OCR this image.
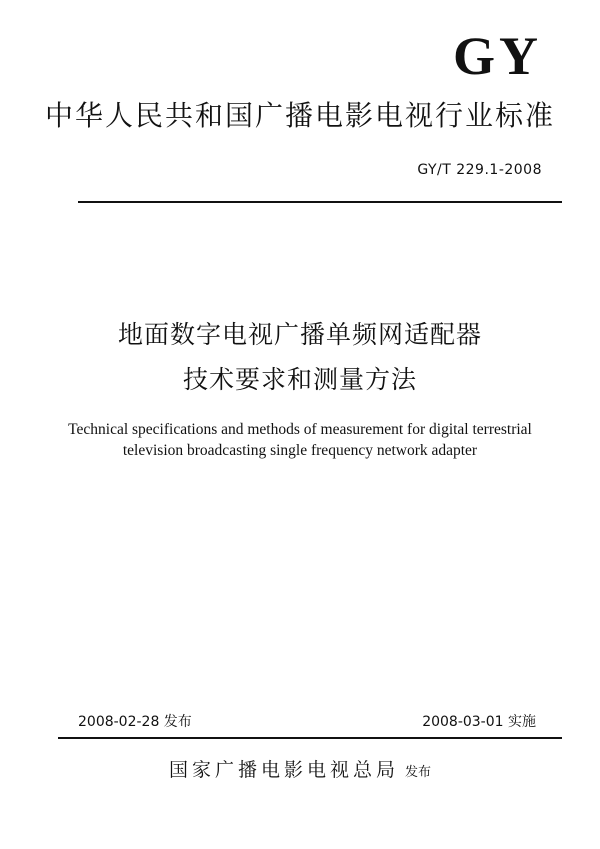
GY
中华人民共和国广播电影电视行业标准
GY/T 229.1-2008
地面数字电视广播单频网适配器
技术要求和测量方法
Technical specifications and methods of measurement for digital terrestrial
television broadcasting single frequency network adapter
2008-02-28 发布	2008-03-01 实施
国家广播电影电视总局 发布
